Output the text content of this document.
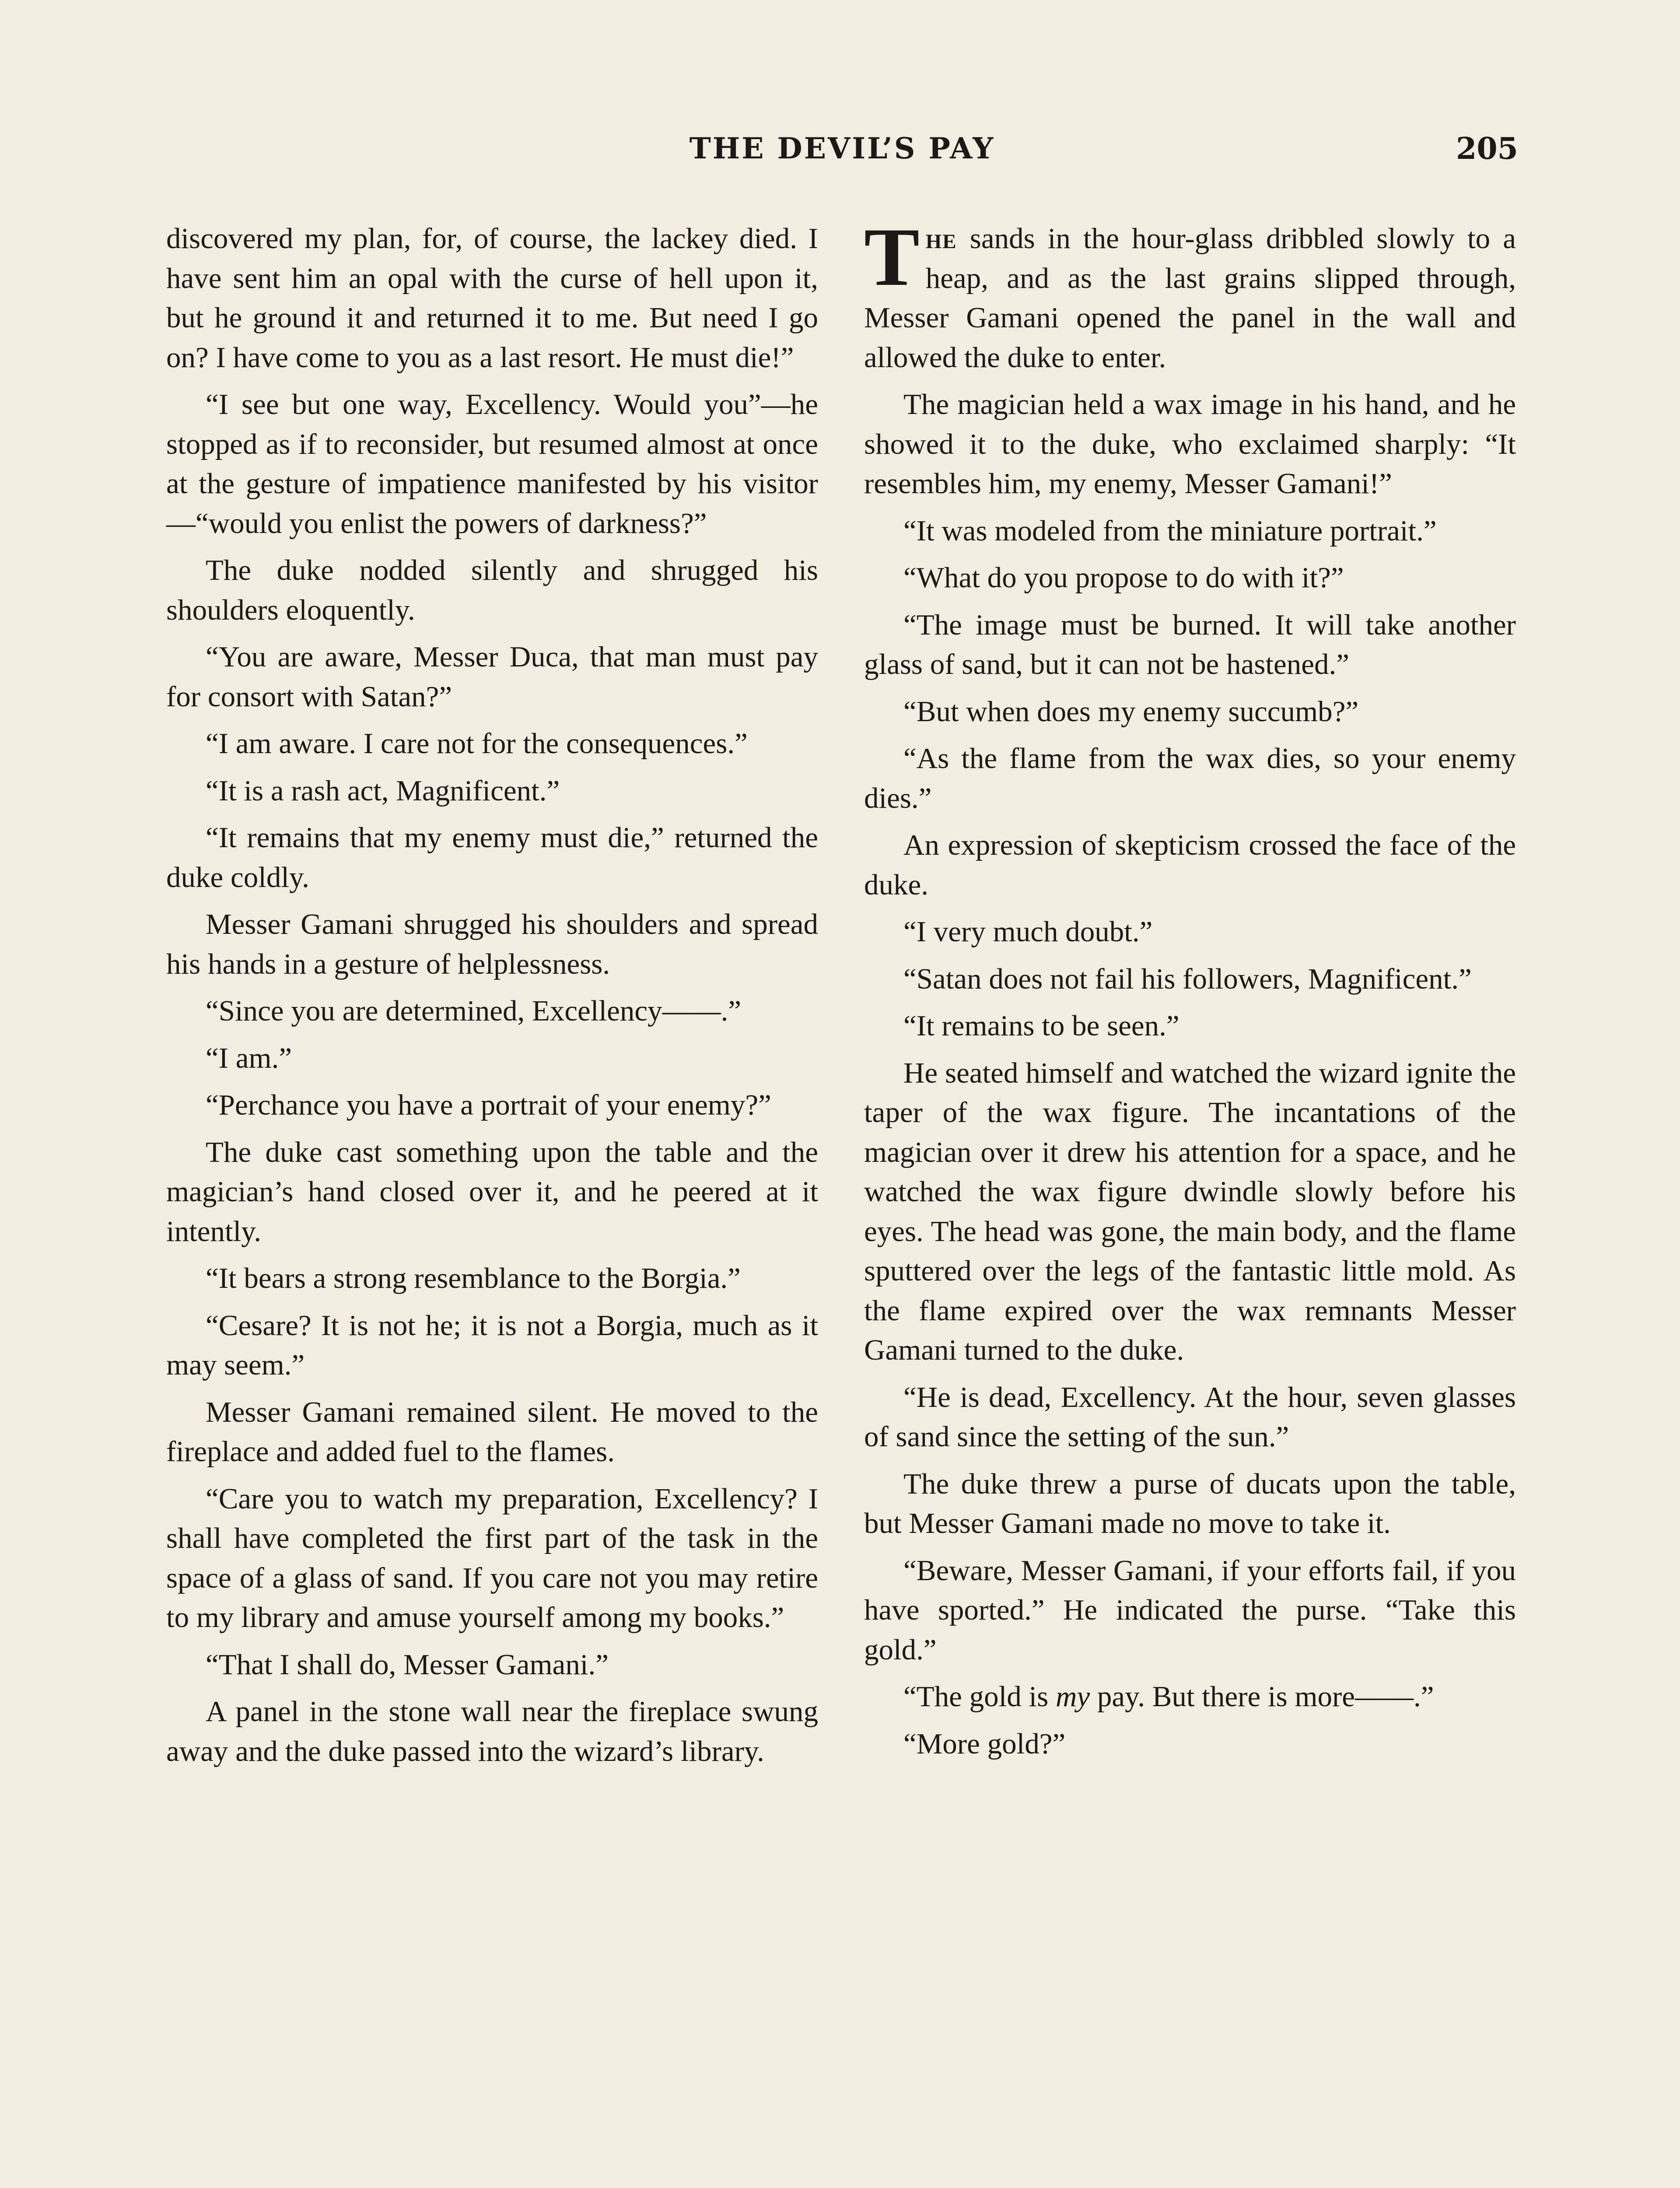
THE DEVIL’S PAY	205

discovered my plan, for, of course, the lackey died. I have sent him an opal with the curse of hell upon it, but he ground it and returned it to me. But need I go on? I have come to you as a last resort. He must die!”

“I see but one way, Excellency. Would you”—he stopped as if to reconsider, but resumed almost at once at the gesture of impatience manifested by his visitor—“would you enlist the powers of darkness?”

The duke nodded silently and shrugged his shoulders eloquently.

“You are aware, Messer Duca, that man must pay for consort with Satan?”

“I am aware. I care not for the consequences.”

“It is a rash act, Magnificent.”

“It remains that my enemy must die,” returned the duke coldly.

Messer Gamani shrugged his shoulders and spread his hands in a gesture of helplessness.

“Since you are determined, Excellency——.”

“I am.”

“Perchance you have a portrait of your enemy?”

The duke cast something upon the table and the magician’s hand closed over it, and he peered at it intently.

“It bears a strong resemblance to the Borgia.”

“Cesare? It is not he; it is not a Borgia, much as it may seem.”

Messer Gamani remained silent. He moved to the fireplace and added fuel to the flames.

“Care you to watch my preparation, Excellency? I shall have completed the first part of the task in the space of a glass of sand. If you care not you may retire to my library and amuse yourself among my books.”

“That I shall do, Messer Gamani.”

A panel in the stone wall near the fireplace swung away and the duke passed into the wizard’s library.

The sands in the hour-glass dribbled slowly to a heap, and as the last grains slipped through, Messer Gamani opened the panel in the wall and allowed the duke to enter.

The magician held a wax image in his hand, and he showed it to the duke, who exclaimed sharply: “It resembles him, my enemy, Messer Gamani!”

“It was modeled from the miniature portrait.”

“What do you propose to do with it?”

“The image must be burned. It will take another glass of sand, but it can not be hastened.”

“But when does my enemy succumb?”

“As the flame from the wax dies, so your enemy dies.”

An expression of skepticism crossed the face of the duke.

“I very much doubt.”

“Satan does not fail his followers, Magnificent.”

“It remains to be seen.”

He seated himself and watched the wizard ignite the taper of the wax figure. The incantations of the magician over it drew his attention for a space, and he watched the wax figure dwindle slowly before his eyes. The head was gone, the main body, and the flame sputtered over the legs of the fantastic little mold. As the flame expired over the wax remnants Messer Gamani turned to the duke.

“He is dead, Excellency. At the hour, seven glasses of sand since the setting of the sun.”

The duke threw a purse of ducats upon the table, but Messer Gamani made no move to take it.

“Beware, Messer Gamani, if your efforts fail, if you have sported.” He indicated the purse. “Take this gold.”

“The gold is my pay. But there is more——.”

“More gold?”
